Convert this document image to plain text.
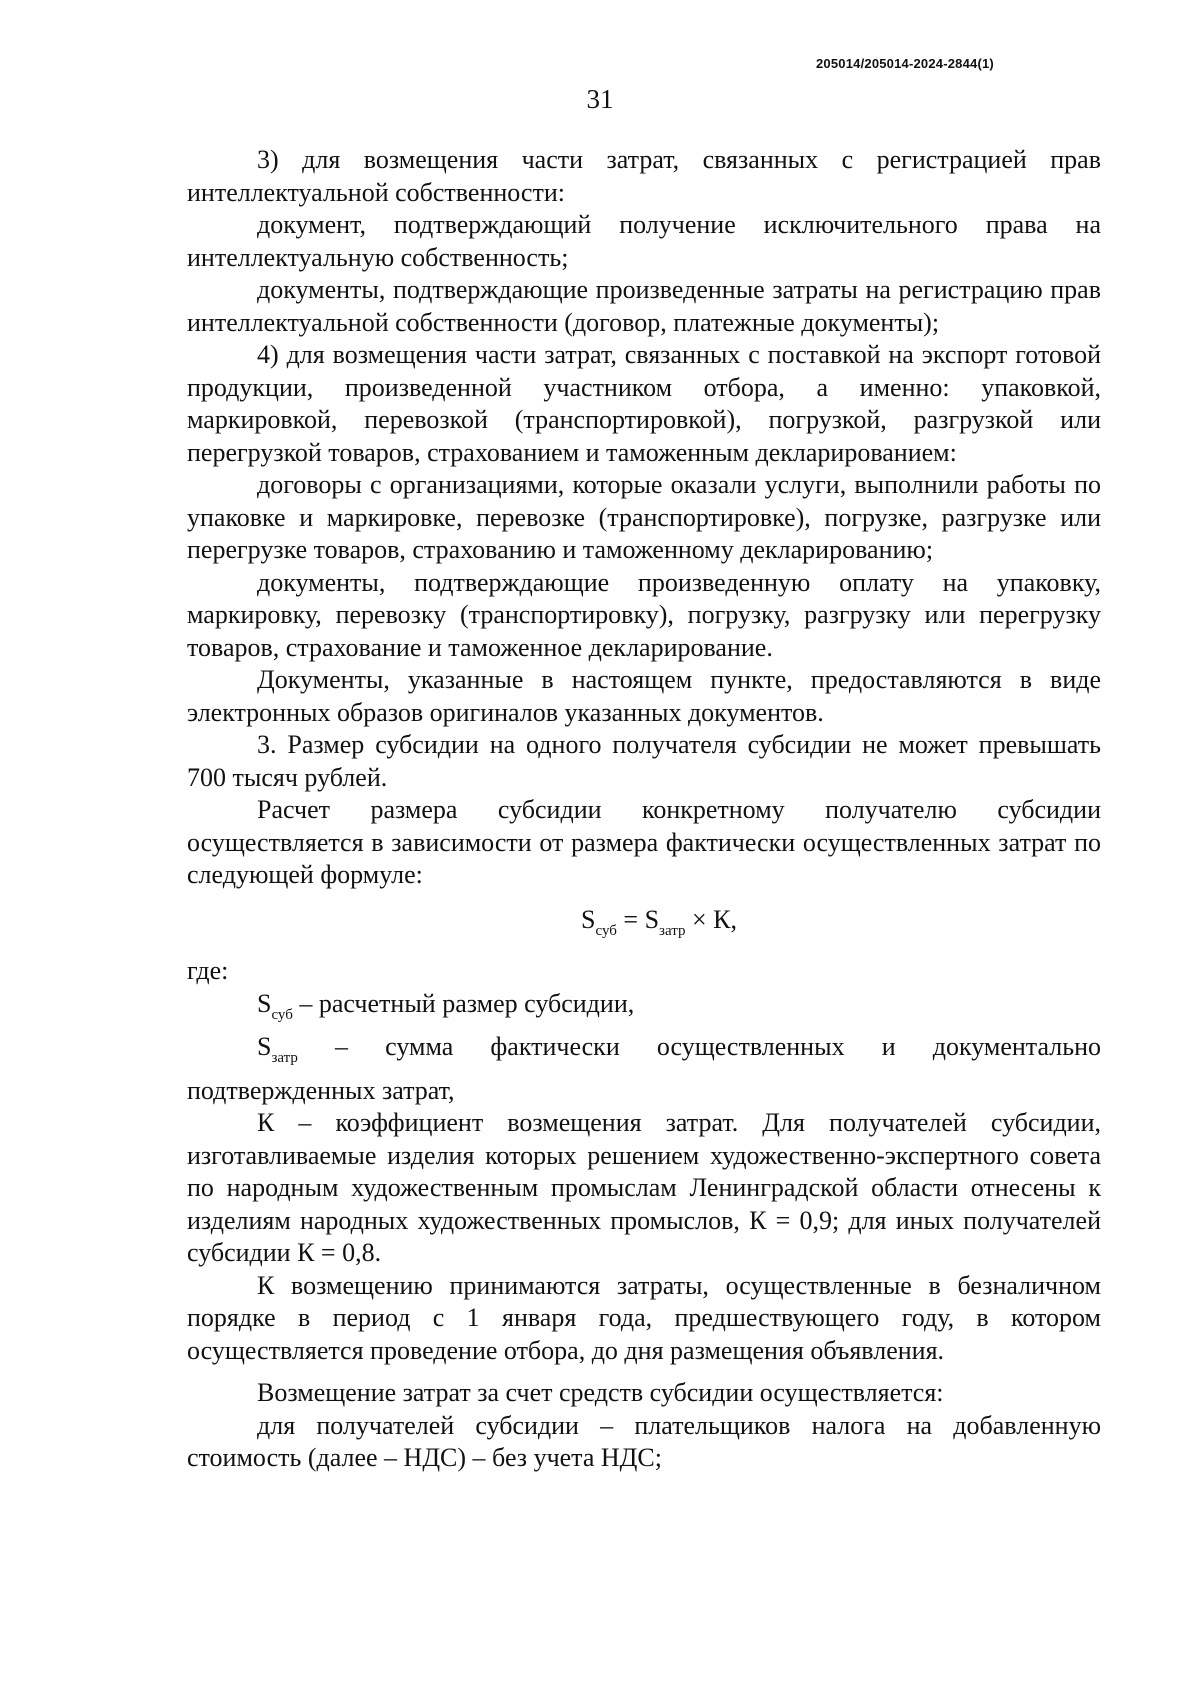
205014/205014-2024-2844(1)
31

3) для возмещения части затрат, связанных с регистрацией прав интеллектуальной собственности:

документ, подтверждающий получение исключительного права на интеллектуальную собственность;

документы, подтверждающие произведенные затраты на регистрацию прав интеллектуальной собственности (договор, платежные документы);

4) для возмещения части затрат, связанных с поставкой на экспорт готовой продукции, произведенной участником отбора, а именно: упаковкой, маркировкой, перевозкой (транспортировкой), погрузкой, разгрузкой или перегрузкой товаров, страхованием и таможенным декларированием:

договоры с организациями, которые оказали услуги, выполнили работы по упаковке и маркировке, перевозке (транспортировке), погрузке, разгрузке или перегрузке товаров, страхованию и таможенному декларированию;

документы, подтверждающие произведенную оплату на упаковку, маркировку, перевозку (транспортировку), погрузку, разгрузку или перегрузку товаров, страхование и таможенное декларирование.

Документы, указанные в настоящем пункте, предоставляются в виде электронных образов оригиналов указанных документов.

3. Размер субсидии на одного получателя субсидии не может превышать 700 тысяч рублей.

Расчет размера субсидии конкретному получателю субсидии осуществляется в зависимости от размера фактически осуществленных затрат по следующей формуле:

$S_{суб} = S_{затр} \times К$,

где:

$S_{суб}$ – расчетный размер субсидии,

$S_{затр}$ – сумма фактически осуществленных и документально подтвержденных затрат,

К – коэффициент возмещения затрат. Для получателей субсидии, изготавливаемые изделия которых решением художественно-экспертного совета по народным художественным промыслам Ленинградской области отнесены к изделиям народных художественных промыслов, К = 0,9; для иных получателей субсидии К = 0,8.

К возмещению принимаются затраты, осуществленные в безналичном порядке в период с 1 января года, предшествующего году, в котором осуществляется проведение отбора, до дня размещения объявления.

Возмещение затрат за счет средств субсидии осуществляется:

для получателей субсидии – плательщиков налога на добавленную стоимость (далее – НДС) – без учета НДС;
